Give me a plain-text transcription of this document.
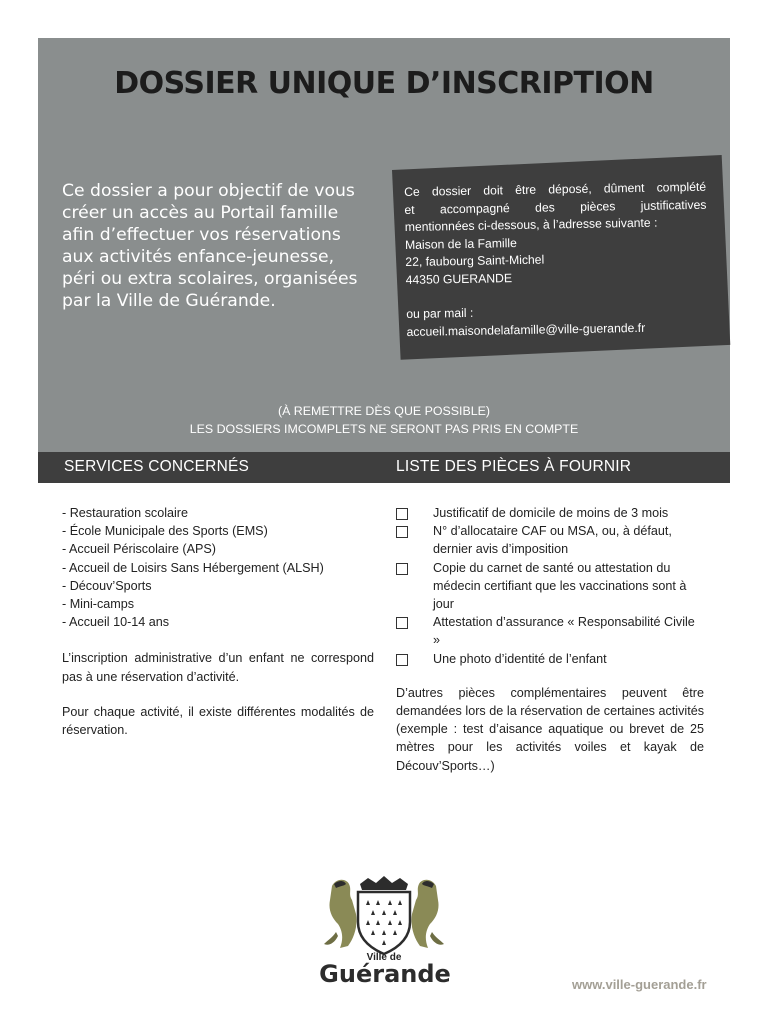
DOSSIER UNIQUE D’INSCRIPTION
Ce dossier a pour objectif de vous créer un accès au Portail famille afin d’effectuer vos réservations aux activités enfance-jeunesse, péri ou extra scolaires, organisées par la Ville de Guérande.
Ce dossier doit être déposé, dûment complété
et accompagné des pièces justificatives
mentionnées ci-dessous, à l’adresse suivante :
Maison de la Famille
22, faubourg Saint-Michel
44350 GUERANDE
ou par mail :
accueil.maisondelafamille@ville-guerande.fr
(À REMETTRE DÈS QUE POSSIBLE)
LES DOSSIERS IMCOMPLETS NE SERONT PAS PRIS EN COMPTE
SERVICES CONCERNÉS	LISTE DES PIÈCES À FOURNIR
- Restauration scolaire
- École Municipale des Sports (EMS)
- Accueil Périscolaire (APS)
- Accueil de Loisirs Sans Hébergement (ALSH)
- Découv’Sports
- Mini-camps
- Accueil 10-14 ans
L’inscription administrative d’un enfant ne correspond pas à une réservation d’activité.
Pour chaque activité, il existe différentes modalités de réservation.
Justificatif de domicile de moins de 3 mois
N° d’allocataire CAF ou MSA, ou, à défaut, dernier avis d’imposition
Copie du carnet de santé ou attestation du médecin certifiant que les vaccinations sont à jour
Attestation d’assurance « Responsabilité Civile »
Une photo d’identité de l’enfant
D’autres pièces complémentaires peuvent être demandées lors de la réservation de certaines activités (exemple : test d’aisance aquatique ou brevet de 25 mètres pour les activités voiles et kayak de Découv’Sports…)
Ville de
Guérande	www.ville-guerande.fr
